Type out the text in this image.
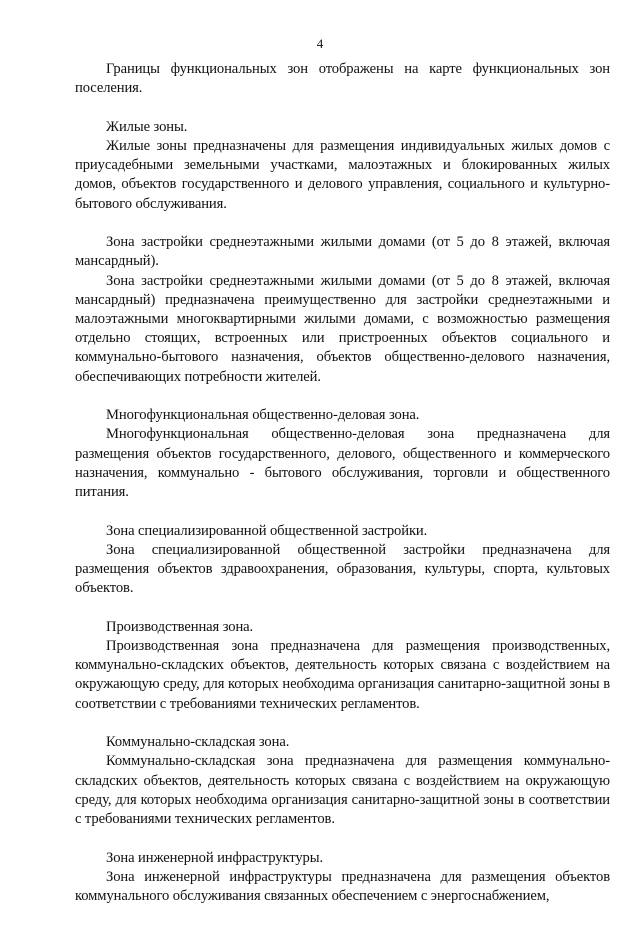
4

Границы функциональных зон отображены на карте функциональных зон поселения.

Жилые зоны.

Жилые зоны предназначены для размещения индивидуальных жилых домов с приусадебными земельными участками, малоэтажных и блокированных жилых домов, объектов государственного и делового управления, социального и культурно-бытового обслуживания.

Зона застройки среднеэтажными жилыми домами (от 5 до 8 этажей, включая мансардный).

Зона застройки среднеэтажными жилыми домами (от 5 до 8 этажей, включая мансардный) предназначена преимущественно для застройки среднеэтажными и малоэтажными многоквартирными жилыми домами, с возможностью размещения отдельно стоящих, встроенных или пристроенных объектов социального и коммунально-бытового назначения, объектов общественно-делового назначения, обеспечивающих потребности жителей.

Многофункциональная общественно-деловая зона.

Многофункциональная общественно-деловая зона предназначена для размещения объектов государственного, делового, общественного и коммерческого назначения, коммунально - бытового обслуживания, торговли и общественного питания.

Зона специализированной общественной застройки.

Зона специализированной общественной застройки предназначена для размещения объектов здравоохранения, образования, культуры, спорта, культовых объектов.

Производственная зона.

Производственная зона предназначена для размещения производственных, коммунально-складских объектов, деятельность которых связана с воздействием на окружающую среду, для которых необходима организация санитарно-защитной зоны в соответствии с требованиями технических регламентов.

Коммунально-складская зона.

Коммунально-складская зона предназначена для размещения коммунально-складских объектов, деятельность которых связана с воздействием на окружающую среду, для которых необходима организация санитарно-защитной зоны в соответствии с требованиями технических регламентов.

Зона инженерной инфраструктуры.

Зона инженерной инфраструктуры предназначена для размещения объектов коммунального обслуживания связанных обеспечением с энергоснабжением,
